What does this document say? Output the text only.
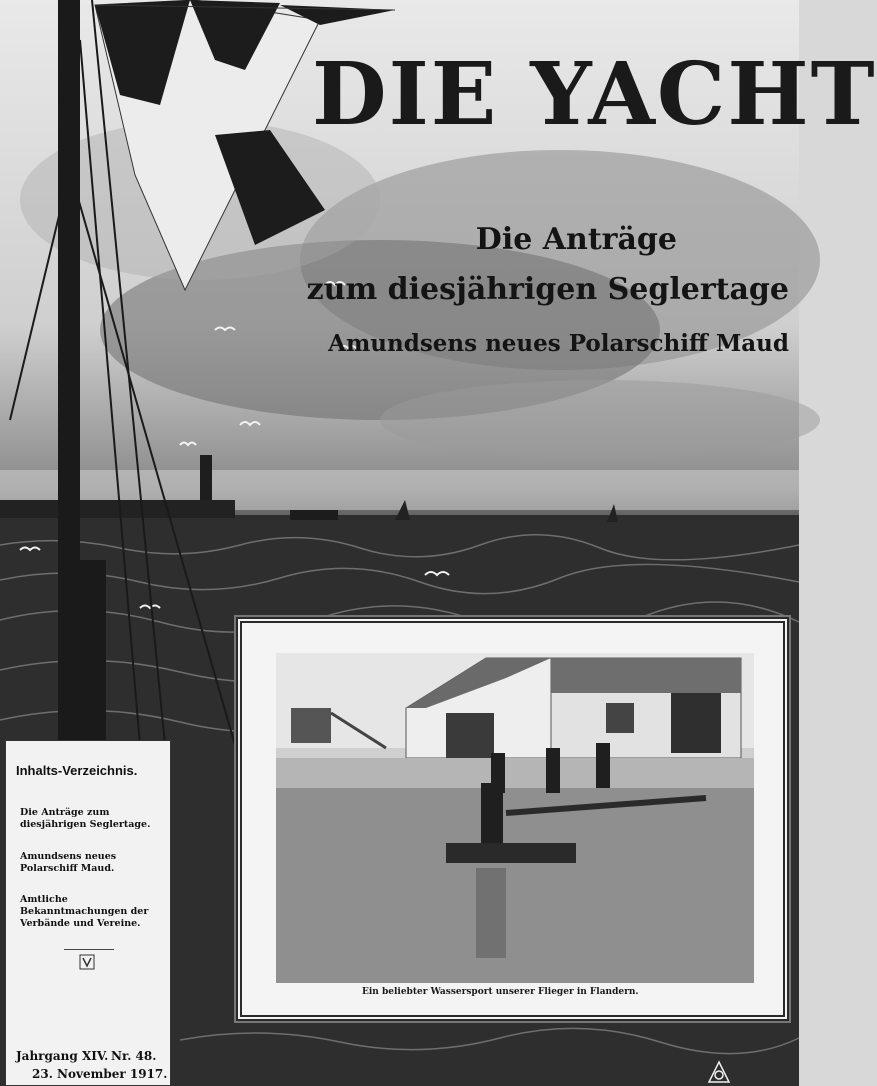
DIE YACHT
Die Anträge
zum diesjährigen Seglertage
Amundsens neues Polarschiff Maud
Inhalts-Verzeichnis.
Die Anträge zum diesjährigen Seglertage.
Amundsens neues Polarschiff Maud.
Amtliche Bekanntmachungen der Verbände und Vereine.
Jahrgang XIV. Nr. 48.
23. November 1917.
Ein beliebter Wassersport unserer Flieger in Flandern.
